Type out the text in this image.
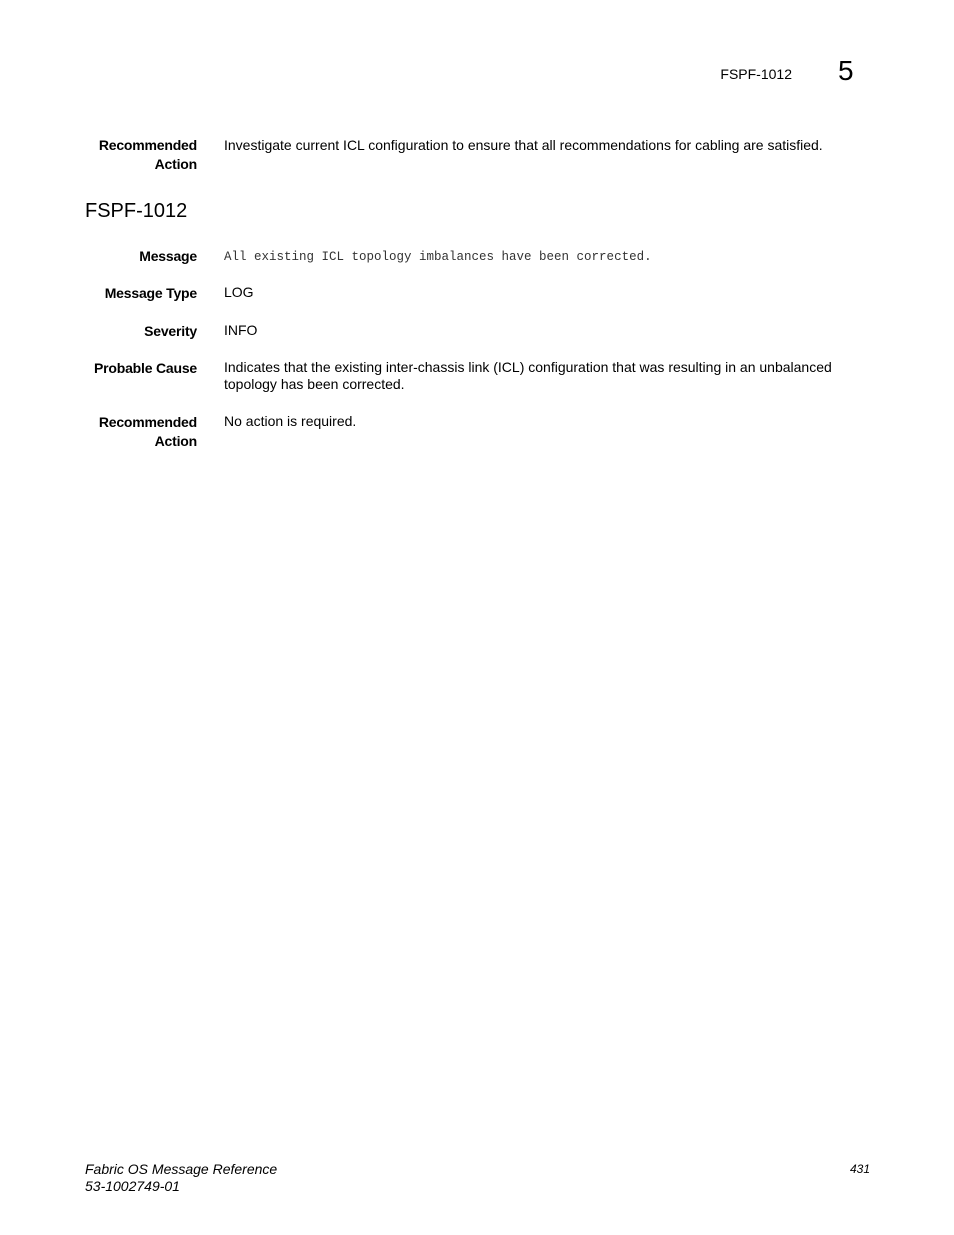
FSPF-1012 5
Recommended
Action
Investigate current ICL configuration to ensure that all recommendations for cabling are satisfied.
FSPF-1012
Message All existing ICL topology imbalances have been corrected.
Message Type LOG
Severity INFO
Probable Cause Indicates that the existing inter-chassis link (ICL) configuration that was resulting in an unbalanced
topology has been corrected.
Recommended
Action
No action is required.
Fabric OS Message Reference
53-1002749-01
431
